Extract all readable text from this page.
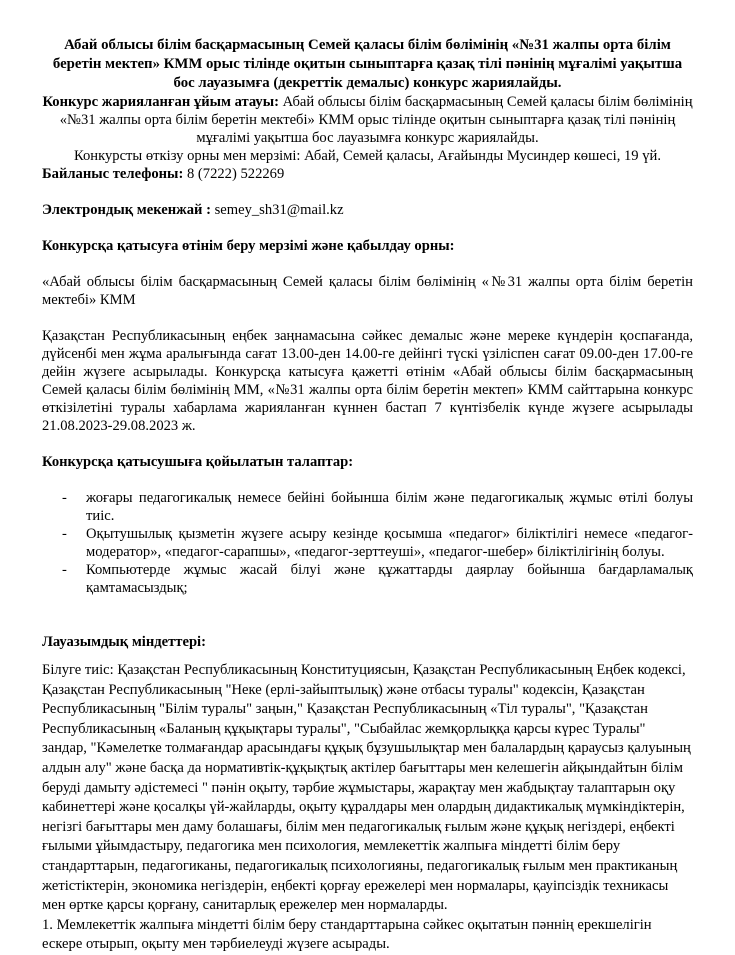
Абай облысы білім басқармасының Семей қаласы білім бөлімінің «№31 жалпы орта білім беретін мектеп» КММ орыс тілінде оқитын сыныптарға қазақ тілі пәнінің мұғалімі уақытша бос лауазымға (декреттік демалыс) конкурс жариялайды.

Конкурс жарияланған ұйым атауы: Абай облысы білім басқармасының Семей қаласы білім бөлімінің «№31 жалпы орта білім беретін мектебі» КММ орыс тілінде оқитын сыныптарға қазақ тілі пәнінің мұғалімі уақытша бос лауазымға конкурс жариялайды.

Конкурсты өткізу орны мен мерзімі: Абай, Семей қаласы, Ағайынды Мусиндер көшесі, 19 үй.

Байланыс телефоны: 8 (7222) 522269

Электрондық мекенжай : semey_sh31@mail.kz

Конкурсқа қатысуға өтінім беру мерзімі және қабылдау орны:

«Абай облысы білім басқармасының Семей қаласы білім бөлімінің «№31 жалпы орта білім беретін мектебі» КММ

Қазақстан Республикасының еңбек заңнамасына сәйкес демалыс және мереке күндерін қоспағанда, дүйсенбі мен жұма аралығында сағат 13.00-ден 14.00-ге дейінгі түскі үзіліспен сағат 09.00-ден 17.00-ге дейін жүзеге асырылады. Конкурсқа катысуға қажетті өтінім «Абай облысы білім басқармасының Семей қаласы білім бөлімінің ММ, «№31 жалпы орта білім беретін мектеп» КММ сайттарына конкурс өткізілетіні туралы хабарлама жарияланған күннен бастап 7 күнтізбелік күнде жүзеге асырылады 21.08.2023-29.08.2023 ж.

Конкурсқа қатысушыға қойылатын талаптар:

- жоғары педагогикалық немесе бейіні бойынша білім және педагогикалық жұмыс өтілі болуы тиіс.
- Оқытушылық қызметін жүзеге асыру кезінде қосымша «педагог» біліктілігі немесе «педагог-модератор», «педагог-сарапшы», «педагог-зерттеуші», «педагог-шебер» біліктілігінің болуы.
- Компьютерде жұмыс жасай білуі және құжаттарды даярлау бойынша бағдарламалық қамтамасыздық;

Лауазымдық міндеттері:

Білуге тиіс: Қазақстан Республикасының Конституциясын, Қазақстан Республикасының Еңбек кодексі, Қазақстан Республикасының "Неке (ерлі-зайыптылық) және отбасы туралы" кодексін, Қазақстан Республикасының "Білім туралы" заңын," Қазақстан Республикасының «Тіл туралы", "Қазақстан Республикасының «Баланың құқықтары туралы", "Сыбайлас жемқорлыққа қарсы күрес Туралы" зандар, "Кәмелетке толмағандар арасындағы құқық бұзушылықтар мен балалардың қараусыз қалуының алдын алу" және басқа да нормативтік-құқықтық актілер бағыттары мен келешегін айқындайтын білім беруді дамыту әдістемесі " пәнін оқыту, тәрбие жұмыстары, жарақтау мен жабдықтау талаптарын оқу кабинеттері және қосалқы үй-жайларды, оқыту құралдары мен олардың дидактикалық мүмкіндіктерін, негізгі бағыттары мен даму болашағы, білім мен педагогикалық ғылым және құқық негіздері, еңбекті ғылыми ұйымдастыру, педагогика мен психология, мемлекеттік жалпыға міндетті білім беру стандарттарын, педагогиканы, педагогикалық психологияны, педагогикалық ғылым мен практиканың жетістіктерін, экономика негіздерін, еңбекті қорғау ережелері мен нормалары, қауіпсіздік техникасы мен өртке қарсы қорғану, санитарлық ережелер мен нормаларды.

1. Мемлекеттік жалпыға міндетті білім беру стандарттарына сәйкес оқытатын пәннің ерекшелігін ескере отырып, оқыту мен тәрбиелеуді жүзеге асырады.
